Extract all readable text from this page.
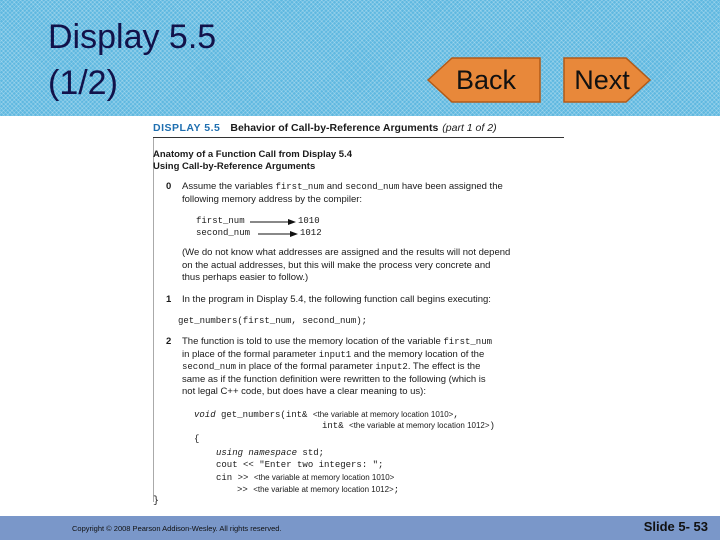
Display 5.5
(1/2)	Back Next
DISPLAY 5.5 Behavior of Call-by-Reference Arguments (part 1 of 2)
Anatomy of a Function Call from Display 5.4
Using Call-by-Reference Arguments
0 Assume the variables first_num and second_num have been assigned the
following memory address by the compiler:
first_num	1010
second_num	1012
(We do not know what addresses are assigned and the results will not depend
on the actual addresses, but this will make the process very concrete and
thus perhaps easier to follow.)
1 In the program in Display 5.4, the following function call begins executing:
get_numbers(first_num, second_num);
2 The function is told to use the memory location of the variable first_num
in place of the formal parameter input1 and the memory location of the
second_num in place of the formal parameter input2. The effect is the
same as if the function definition were rewritten to the following (which is
not legal C++ code, but does have a clear meaning to us):
void get_numbers(int& <the variable at memory location 1010>,
int& <the variable at memory location 1012>)
{
using namespace std;
cout << "Enter two integers: ";
cin >> <the variable at memory location 1010>
>> <the variable at memory location 1012>;
}
Copyright © 2008 Pearson Addison-Wesley. All rights reserved.	Slide 5- 53
